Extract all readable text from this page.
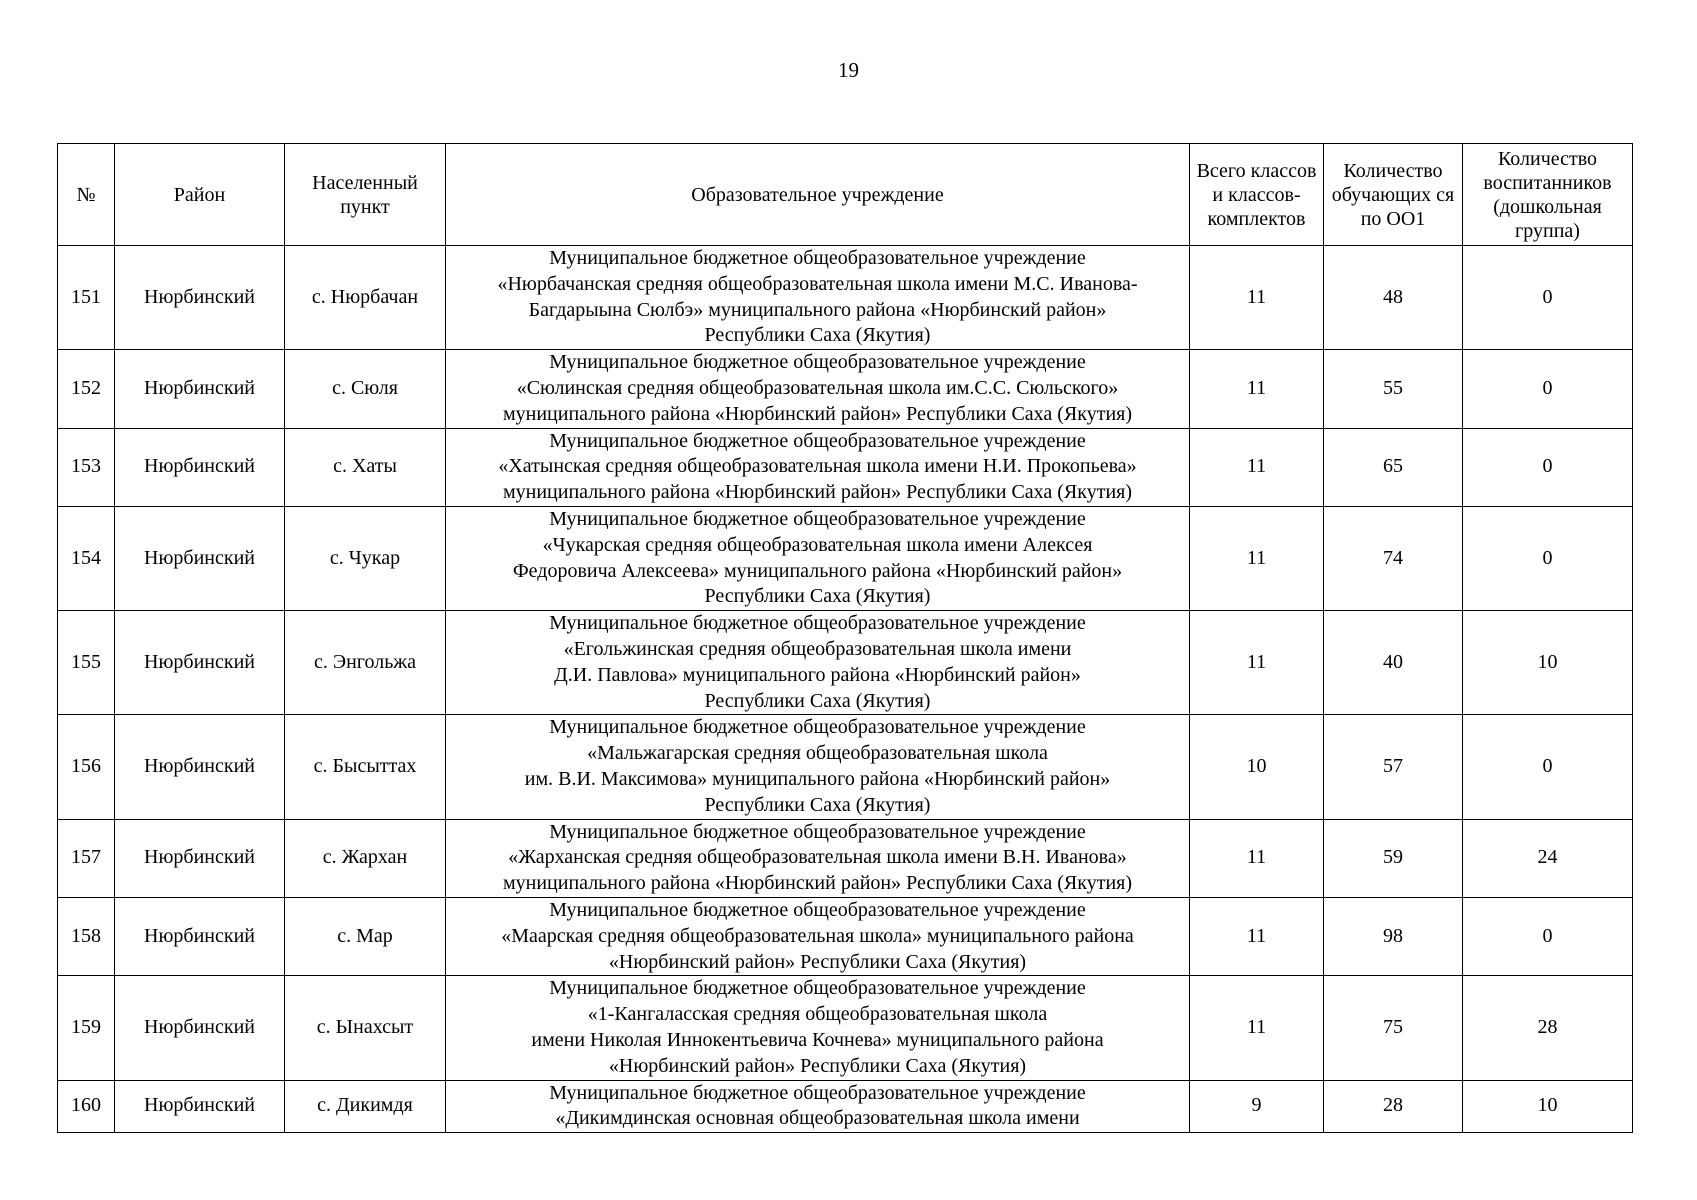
19
№	Район	Населенный пункт	Образовательное учреждение	Всего классов и классов-комплектов	Количество обучающих ся по ОО1	Количество воспитанников (дошкольная группа)
151	Нюрбинский	с. Нюрбачан	Муниципальное бюджетное общеобразовательное учреждение
«Нюрбачанская средняя общеобразовательная школа имени М.С. Иванова-
Багдарыына Сюлбэ» муниципального района «Нюрбинский район»
Республики Саха (Якутия)	11	48	0
152	Нюрбинский	с. Сюля	Муниципальное бюджетное общеобразовательное учреждение
«Сюлинская средняя общеобразовательная школа им.С.С. Сюльского»
муниципального района «Нюрбинский район» Республики Саха (Якутия)	11	55	0
153	Нюрбинский	с. Хаты	Муниципальное бюджетное общеобразовательное учреждение
«Хатынская средняя общеобразовательная школа имени Н.И. Прокопьева»
муниципального района «Нюрбинский район» Республики Саха (Якутия)	11	65	0
154	Нюрбинский	с. Чукар	Муниципальное бюджетное общеобразовательное учреждение
«Чукарская средняя общеобразовательная школа имени Алексея
Федоровича Алексеева» муниципального района «Нюрбинский район»
Республики Саха (Якутия)	11	74	0
155	Нюрбинский	с. Энгольжа	Муниципальное бюджетное общеобразовательное учреждение
«Егольжинская средняя общеобразовательная школа имени
Д.И. Павлова» муниципального района «Нюрбинский район»
Республики Саха (Якутия)	11	40	10
156	Нюрбинский	с. Бысыттах	Муниципальное бюджетное общеобразовательное учреждение
«Мальжагарская средняя общеобразовательная школа
им. В.И. Максимова» муниципального района «Нюрбинский район»
Республики Саха (Якутия)	10	57	0
157	Нюрбинский	с. Жархан	Муниципальное бюджетное общеобразовательное учреждение
«Жарханская средняя общеобразовательная школа имени В.Н. Иванова»
муниципального района «Нюрбинский район» Республики Саха (Якутия)	11	59	24
158	Нюрбинский	с. Мар	Муниципальное бюджетное общеобразовательное учреждение
«Маарская средняя общеобразовательная школа» муниципального района
«Нюрбинский район» Республики Саха (Якутия)	11	98	0
159	Нюрбинский	с. Ынахсыт	Муниципальное бюджетное общеобразовательное учреждение
«1-Кангаласская средняя общеобразовательная школа
имени Николая Иннокентьевича Кочнева» муниципального района
«Нюрбинский район» Республики Саха (Якутия)	11	75	28
160	Нюрбинский	с. Дикимдя	Муниципальное бюджетное общеобразовательное учреждение
«Дикимдинская основная общеобразовательная школа имени	9	28	10
